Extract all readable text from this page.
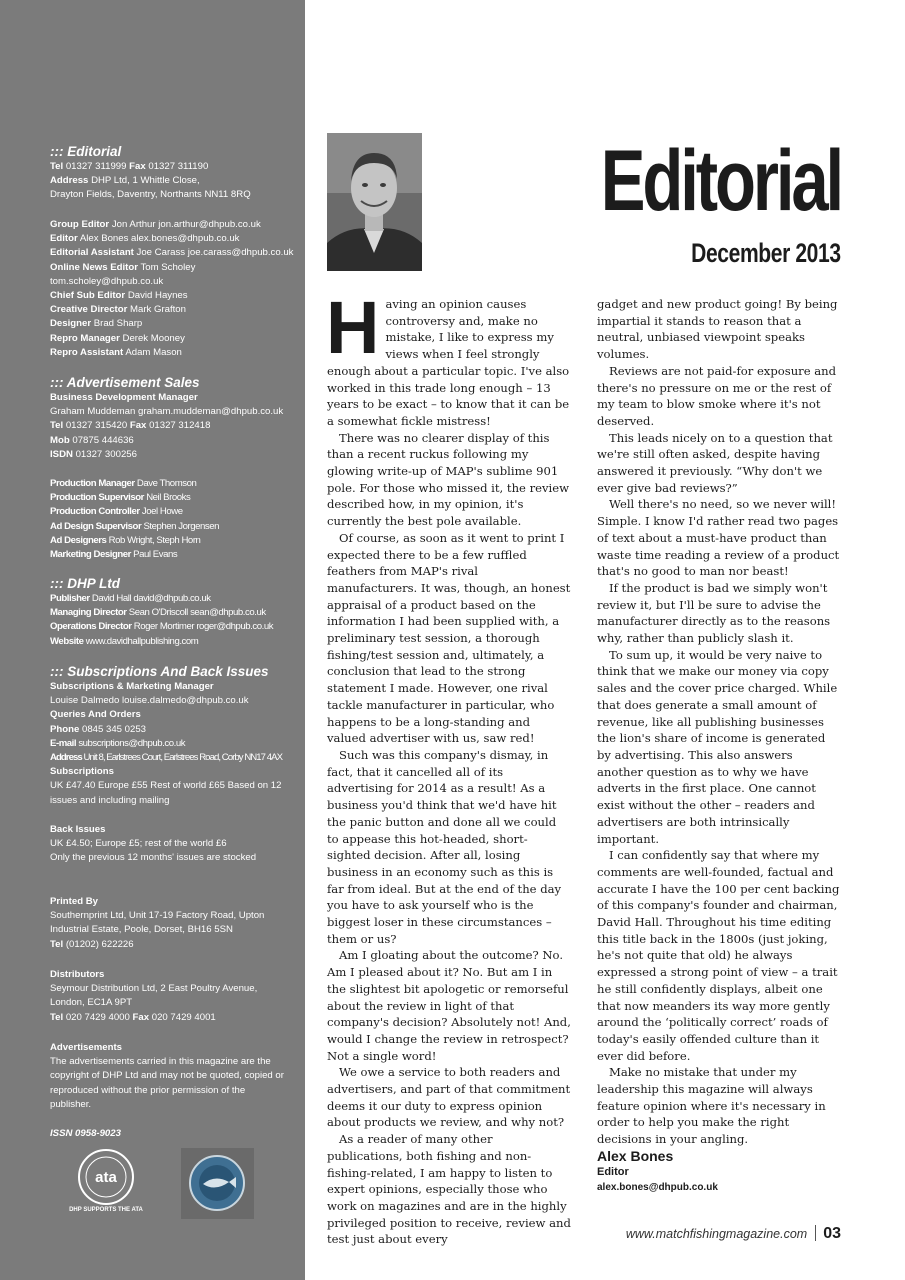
::: Editorial
Tel 01327 311999 Fax 01327 311190
Address DHP Ltd, 1 Whittle Close,
Drayton Fields, Daventry, Northants NN11 8RQ
Group Editor Jon Arthur jon.arthur@dhpub.co.uk
Editor Alex Bones alex.bones@dhpub.co.uk
Editorial Assistant Joe Carass joe.carass@dhpub.co.uk
Online News Editor Tom Scholey tom.scholey@dhpub.co.uk
Chief Sub Editor David Haynes
Creative Director Mark Grafton
Designer Brad Sharp
Repro Manager Derek Mooney
Repro Assistant Adam Mason
::: Advertisement Sales
Business Development Manager
Graham Muddeman graham.muddeman@dhpub.co.uk
Tel 01327 315420 Fax 01327 312418
Mob 07875 444636
ISDN 01327 300256
Production Manager Dave Thomson
Production Supervisor Neil Brooks
Production Controller Joel Howe
Ad Design Supervisor Stephen Jorgensen
Ad Designers Rob Wright, Steph Horn
Marketing Designer Paul Evans
::: DHP Ltd
Publisher David Hall david@dhpub.co.uk
Managing Director Sean O'Driscoll sean@dhpub.co.uk
Operations Director Roger Mortimer roger@dhpub.co.uk
Website www.davidhallpublishing.com
::: Subscriptions And Back Issues
Subscriptions & Marketing Manager
Louise Dalmedo louise.dalmedo@dhpub.co.uk
Queries And Orders
Phone 0845 345 0253
E-mail subscriptions@dhpub.co.uk
Address Unit 8, Earlstrees Court, Earlstrees Road, Corby NN17 4AX
Subscriptions
UK £47.40 Europe £55 Rest of world £65 Based on 12 issues and including mailing
Back Issues
UK £4.50; Europe £5; rest of the world £6
Only the previous 12 months' issues are stocked
Printed By
Southernprint Ltd, Unit 17-19 Factory Road, Upton Industrial Estate, Poole, Dorset, BH16 5SN
Tel (01202) 622226
Distributors
Seymour Distribution Ltd, 2 East Poultry Avenue, London, EC1A 9PT
Tel 020 7429 4000 Fax 020 7429 4001
Advertisements
The advertisements carried in this magazine are the copyright of DHP Ltd and may not be quoted, copied or reproduced without the prior permission of the publisher.
ISSN 0958-9023
ata
DHP SUPPORTS THE ATA
Editorial
December 2013

Having an opinion causes controversy and, make no mistake, I like to express my views when I feel strongly enough about a particular topic. I've also worked in this trade long enough – 13 years to be exact – to know that it can be a somewhat fickle mistress!

There was no clearer display of this than a recent ruckus following my glowing write-up of MAP's sublime 901 pole. For those who missed it, the review described how, in my opinion, it's currently the best pole available.

Of course, as soon as it went to print I expected there to be a few ruffled feathers from MAP's rival manufacturers. It was, though, an honest appraisal of a product based on the information I had been supplied with, a preliminary test session, a thorough fishing/test session and, ultimately, a conclusion that lead to the strong statement I made. However, one rival tackle manufacturer in particular, who happens to be a long-standing and valued advertiser with us, saw red!

Such was this company's dismay, in fact, that it cancelled all of its advertising for 2014 as a result! As a business you'd think that we'd have hit the panic button and done all we could to appease this hot-headed, short-sighted decision. After all, losing business in an economy such as this is far from ideal. But at the end of the day you have to ask yourself who is the biggest loser in these circumstances – them or us?

Am I gloating about the outcome? No. Am I pleased about it? No. But am I in the slightest bit apologetic or remorseful about the review in light of that company's decision? Absolutely not! And, would I change the review in retrospect? Not a single word!

We owe a service to both readers and advertisers, and part of that commitment deems it our duty to express opinion about products we review, and why not?

As a reader of many other publications, both fishing and non-fishing-related, I am happy to listen to expert opinions, especially those who work on magazines and are in the highly privileged position to receive, review and test just about every

gadget and new product going! By being impartial it stands to reason that a neutral, unbiased viewpoint speaks volumes.

Reviews are not paid-for exposure and there's no pressure on me or the rest of my team to blow smoke where it's not deserved.

This leads nicely on to a question that we're still often asked, despite having answered it previously. “Why don't we ever give bad reviews?”

Well there's no need, so we never will! Simple. I know I'd rather read two pages of text about a must-have product than waste time reading a review of a product that's no good to man nor beast!

If the product is bad we simply won't review it, but I'll be sure to advise the manufacturer directly as to the reasons why, rather than publicly slash it.

To sum up, it would be very naive to think that we make our money via copy sales and the cover price charged. While that does generate a small amount of revenue, like all publishing businesses the lion's share of income is generated by advertising. This also answers another question as to why we have adverts in the first place. One cannot exist without the other – readers and advertisers are both intrinsically important.

I can confidently say that where my comments are well-founded, factual and accurate I have the 100 per cent backing of this company's founder and chairman, David Hall. Throughout his time editing this title back in the 1800s (just joking, he's not quite that old) he always expressed a strong point of view – a trait he still confidently displays, albeit one that now meanders its way more gently around the ‘politically correct’ roads of today's easily offended culture than it ever did before.

Make no mistake that under my leadership this magazine will always feature opinion where it's necessary in order to help you make the right decisions in your angling.

Alex Bones
Editor
alex.bones@dhpub.co.uk
www.matchfishingmagazine.com 03
